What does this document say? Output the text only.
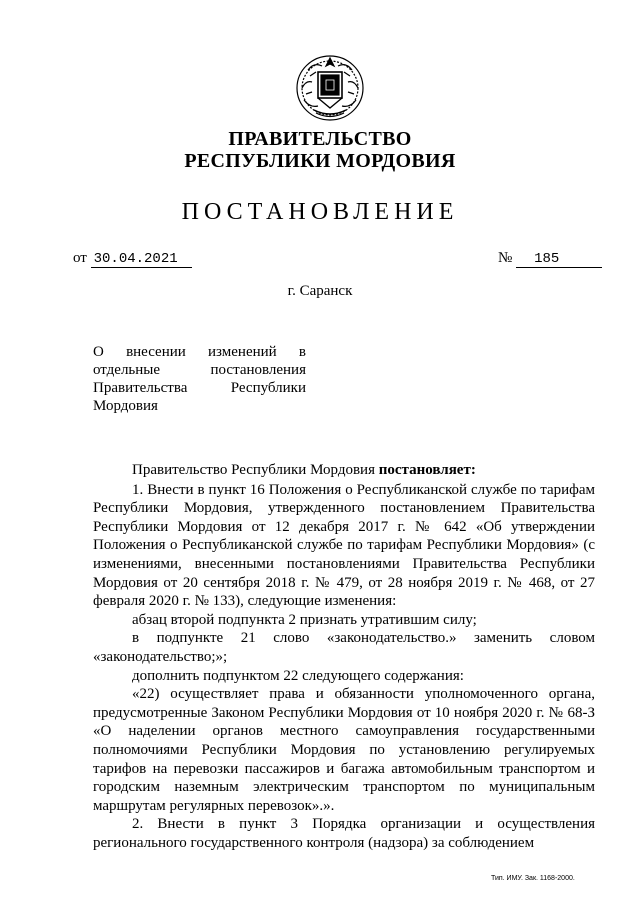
ПРАВИТЕЛЬСТВО
РЕСПУБЛИКИ МОРДОВИЯ
ПОСТАНОВЛЕНИЕ
от 30.04.2021	№ 185
г. Саранск
О внесении изменений в отдельные постановления Правительства Республики Мордовия

Правительство Республики Мордовия постановляет:

1. Внести в пункт 16 Положения о Республиканской службе по тарифам Республики Мордовия, утвержденного постановлением Правительства Республики Мордовия от 12 декабря 2017 г. № 642 «Об утверждении Положения о Республиканской службе по тарифам Республики Мордовия» (с изменениями, внесенными постановлениями Правительства Республики Мордовия от 20 сентября 2018 г. № 479, от 28 ноября 2019 г. № 468, от 27 февраля 2020 г. № 133), следующие изменения:

абзац второй подпункта 2 признать утратившим силу;

в подпункте 21 слово «законодательство.» заменить словом «законодательство;»;

дополнить подпунктом 22 следующего содержания:

«22) осуществляет права и обязанности уполномоченного органа, предусмотренные Законом Республики Мордовия от 10 ноября 2020 г. № 68-З «О наделении органов местного самоуправления государственными полномочиями Республики Мордовия по установлению регулируемых тарифов на перевозки пассажиров и багажа автомобильным транспортом и городским наземным электрическим транспортом по муниципальным маршрутам регулярных перевозок».».

2. Внести в пункт 3 Порядка организации и осуществления регионального государственного контроля (надзора) за соблюдением

Тип. ИМУ. Зак. 1168-2000.
